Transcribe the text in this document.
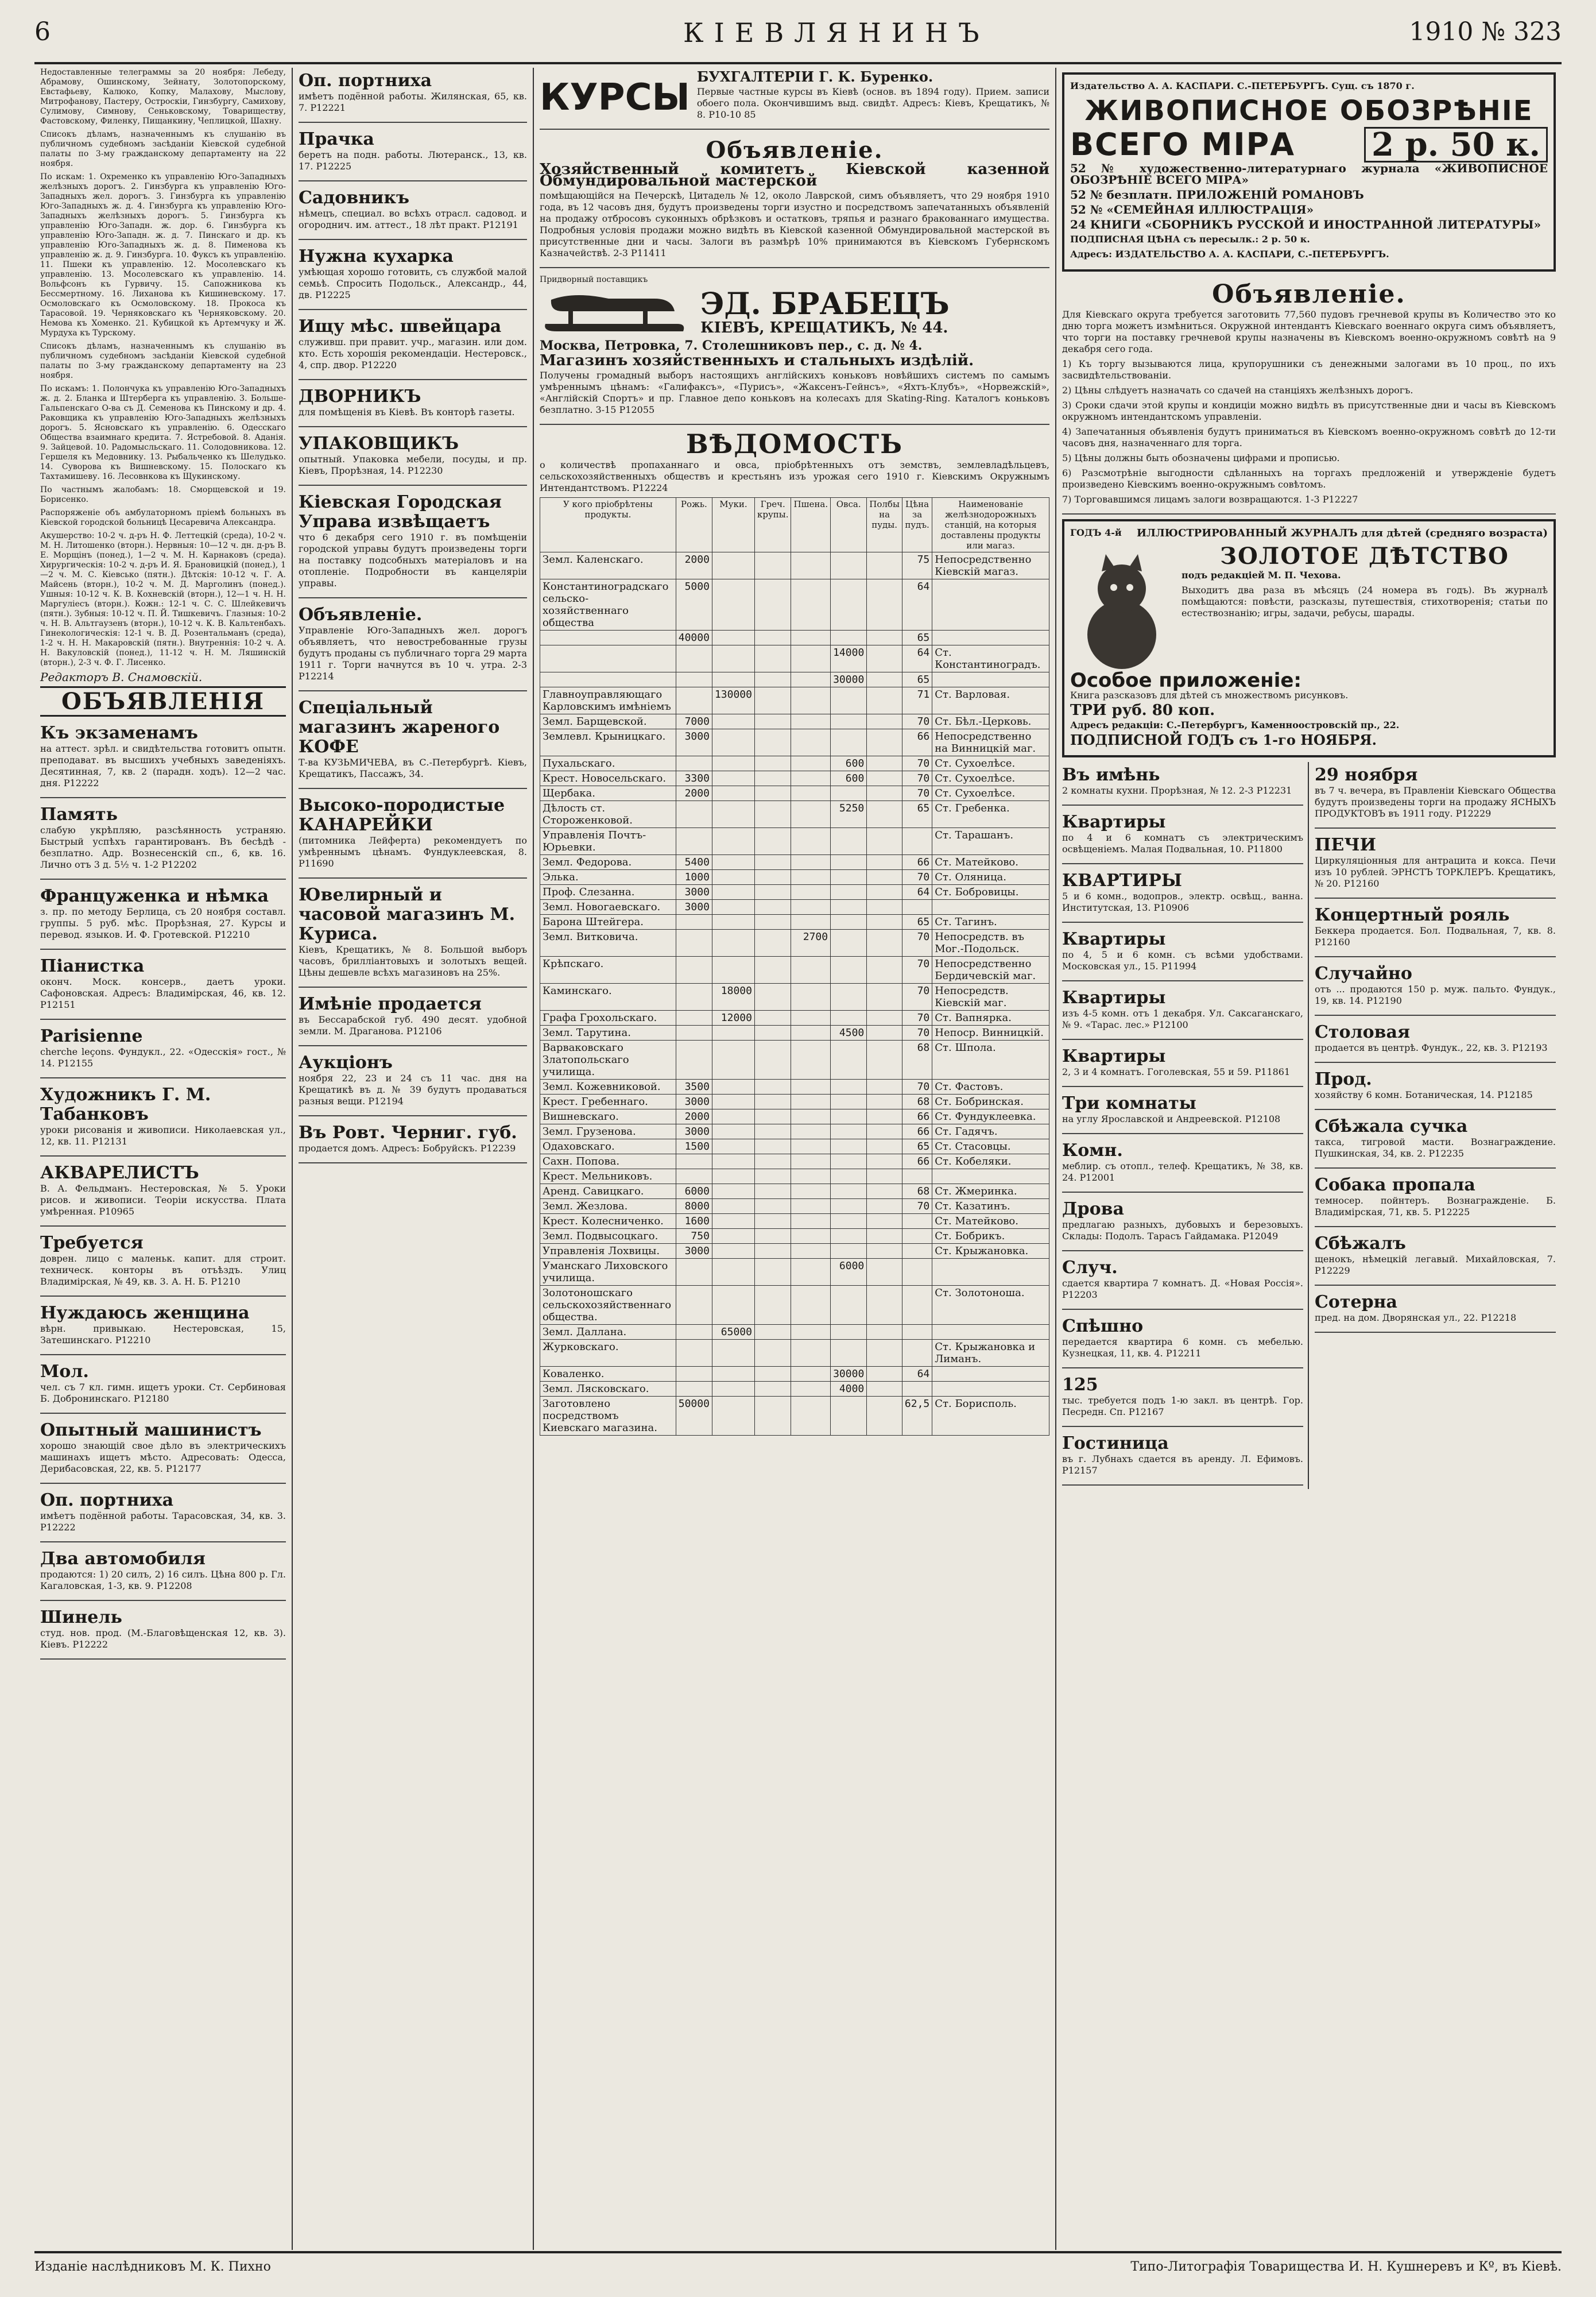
6	КІЕВЛЯНИНЪ	1910 № 323

Недоставленные телеграммы за 20 ноября: Лебеду, Абрамову, Ошинскому, Зейнату, Золотопорскому, Евстафьеву, Калюко, Копку, Малахову, Мыслову, Митрофанову, Пастеру, Остроскіи, Гинзбургу, Самихову, Сулимову, Симнову, Сеньковскому, Товариществу, Фастовскому, Филенку, Пищанкину, Чеплицкой, Шахну.

Списокъ дѣламъ, назначеннымъ къ слушанію въ публичномъ судебномъ засѣданіи Кіевской судебной палаты по 3-му гражданскому департаменту на 22 ноября.

По искам: 1. Охременко къ управленію Юго-Западныхъ желѣзныхъ дорогъ. 2. Гинзбурга къ управленію Юго-Западныхъ жел. дорогъ. 3. Гинзбурга къ управленію Юго-Западныхъ ж. д. 4. Гинзбурга къ управленію Юго-Западныхъ желѣзныхъ дорогъ. 5. Гинзбурга къ управленію Юго-Западн. ж. дор. 6. Гинзбурга къ управленію Юго-Западн. ж. д. 7. Пинскаго и др. къ управленію Юго-Западныхъ ж. д. 8. Пименова къ управленію ж. д. 9. Гинзбурга. 10. Фуксъ къ управленію. 11. Пшеки къ управленію. 12. Мосолевскаго къ управленію. 13. Мосолевскаго къ управленію. 14. Вольфсонъ къ Гурвичу. 15. Сапожникова къ Бессмертному. 16. Лиханова къ Кишиневскому. 17. Осмоловскаго къ Осмоловскому. 18. Прокоса къ Тарасовой. 19. Черняковскаго къ Черняковскому. 20. Немова къ Хоменко. 21. Кубицкой къ Артемчуку и Ж. Мурдуха къ Турскому.

Списокъ дѣламъ, назначеннымъ къ слушанію въ публичномъ судебномъ засѣданіи Кіевской судебной палаты по 3-му гражданскому департаменту на 23 ноября.

По искамъ: 1. Полончука къ управленію Юго-Западныхъ ж. д. 2. Бланка и Штерберга къ управленію. 3. Больше-Гальпенскаго О-ва съ Д. Семенова къ Пинскому и др. 4. Раковщика къ управленію Юго-Западныхъ желѣзныхъ дорогъ. 5. Ясновскаго къ управленію. 6. Одесскаго Общества взаимнаго кредита. 7. Ястребовой. 8. Аданія. 9. Зайцевой. 10. Радомысльскаго. 11. Солодовникова. 12. Гершеля къ Медовнику. 13. Рыбальченко къ Шелудько. 14. Суворова къ Вишневскому. 15. Полоскаго къ Тахтамишеву. 16. Лесовнкова къ Щукинскому.

По частнымъ жалобамъ: 18. Сморщевской и 19. Борисенко.

Распоряженіе объ амбулаторномъ пріемѣ больныхъ въ Кіевской городской больницѣ Цесаревича Александра.

Акушерство: 10-2 ч. д-ръ Н. Ф. Леттецкій (среда), 10-2 ч. М. Н. Литошенко (вторн.). Нервныя: 10—12 ч. дн. д-ръ В. Е. Морщінъ (понед.), 1—2 ч. М. Н. Карнаковъ (среда). Хирургическія: 10-2 ч. д-ръ И. Я. Брановицкій (понед.), 1—2 ч. М. С. Кіевсько (пятн.). Дѣтскія: 10-12 ч. Г. А. Майсень (вторн.), 10-2 ч. М. Д. Марголинъ (понед.). Ушныя: 10-12 ч. К. В. Кохневскій (вторн.), 12—1 ч. Н. Н. Маргуліесъ (вторн.). Кожн.: 12-1 ч. С. С. Шлейкевичъ (пятн.). Зубныя: 10-12 ч. П. Й. Тишкевичъ. Глазныя: 10-2 ч. Н. В. Альтгаузенъ (вторн.), 10-12 ч. К. В. Кальтенбахъ. Гинекологическія: 12-1 ч. В. Д. Розентальманъ (среда), 1-2 ч. Н. Н. Макаровскій (пятн.). Внутреннія: 10-2 ч. А. Н. Вакуловскій (понед.), 11-12 ч. Н. М. Ляшинскій (вторн.), 2-3 ч. Ф. Г. Лисенко.

Редакторъ В. Снамовскій.

ОБЪЯВЛЕНІЯ
Къ экзаменамъ

на аттест. зрѣл. и свидѣтельства готовитъ опытн. преподават. въ высшихъ учебныхъ заведеніяхъ. Десятинная, 7, кв. 2 (парадн. ходъ). 12—2 час. дня. P12222

Память

слабую укрѣпляю, разсѣянность устраняю. Быстрый успѣхъ гарантированъ. Въ бесѣдѣ - безплатно. Адр. Вознесенскій сп., 6, кв. 16. Лично отъ 3 д. 5½ ч. 1-2 P12202

Француженка и нѣмка

з. пр. по методу Берлица, съ 20 ноября составл. группы. 5 руб. мѣс. Прорѣзная, 27. Курсы и перевод. языков. И. Ф. Гротевской. P12210

Піанистка

оконч. Моск. консерв., даетъ уроки. Сафоновская. Адресъ: Владимірская, 46, кв. 12. P12151

Parisienne

cherche leçons. Фундукл., 22. «Одесскія» гост., № 14. P12155

Художникъ Г. М. Табанковъ

уроки рисованія и живописи. Николаевская ул., 12, кв. 11. P12131

АКВАРЕЛИСТЪ

В. А. Фельдманъ. Нестеровская, № 5. Уроки рисов. и живописи. Теоріи искусства. Плата умѣренная. P10965

Требуется

доврен. лицо с маленьк. капит. для строит. техническ. конторы въ отъѣздъ. Улиц Владимірская, № 49, кв. 3. А. Н. Б. P1210

Нуждаюсь женщина

вѣрн. привыкаю. Нестеровская, 15, Затешинскаго. P12210

Мол.

чел. съ 7 кл. гимн. ищетъ уроки. Ст. Сербиновая Б. Добронинскаго. P12180

Опытный машинистъ

хорошо знающій свое дѣло въ электрическихъ машинахъ ищетъ мѣсто. Адресовать: Одесса, Дерибасовская, 22, кв. 5. P12177

Оп. портниха

имѣетъ подённой работы. Тарасовская, 34, кв. 3. P12222

Два автомобиля

продаются: 1) 20 силъ, 2) 16 силъ. Цѣна 800 р. Гл. Кагаловская, 1-3, кв. 9. P12208

Шинель

студ. нов. прод. (М.-Благовѣщенская 12, кв. 3). Кіевъ. P12222

Оп. портниха

имѣетъ подённой работы. Жилянская, 65, кв. 7. P12221

Прачка

беретъ на подн. работы. Лютеранск., 13, кв. 17. P12225

Садовникъ

нѣмецъ, специал. во всѣхъ отрасл. садовод. и огороднич. им. аттест., 18 лѣт практ. P12191

Нужна кухарка

умѣющая хорошо готовить, съ службой малой семьѣ. Спросить Подольск., Александр., 44, дв. P12225

Ищу мѣс. швейцара

служивш. при правит. учр., магазин. или дом. кто. Есть хорошія рекомендаціи. Нестеровск., 4, спр. двор. P12220

ДВОРНИКЪ

для помѣщенія въ Кіевѣ. Въ конторѣ газеты.

УПАКОВЩИКЪ

опытный. Упаковка мебели, посуды, и пр. Кіевъ, Прорѣзная, 14. P12230

Кіевская Городская Управа извѣщаетъ

что 6 декабря сего 1910 г. въ помѣщеніи городской управы будутъ произведены торги на поставку подсобныхъ матеріаловъ и на отопленіе. Подробности въ канцеляріи управы.

Объявленіе.

Управленіе Юго-Западныхъ жел. дорогъ объявляетъ, что невостребованные грузы будутъ проданы съ публичнаго торга 29 марта 1911 г. Торги начнутся въ 10 ч. утра. 2-3 P12214

Спеціальный магазинъ жареного КОФЕ

Т-ва КУЗЬМИЧЕВА, въ С.-Петербургѣ. Кіевъ, Крещатикъ, Пассажъ, 34.

Высоко-породистые КАНАРЕЙКИ

(питомника Лейферта) рекомендуетъ по умѣреннымъ цѣнамъ. Фундуклеевская, 8. P11690

Ювелирный и часовой магазинъ М. Куриса.

Кіевъ, Крещатикъ, № 8. Большой выборъ часовъ, брилліантовыхъ и золотыхъ вещей. Цѣны дешевле всѣхъ магазиновъ на 25%.

Имѣніе продается

въ Бессарабской губ. 490 десят. удобной земли. М. Драганова. P12106

Аукціонъ

ноября 22, 23 и 24 съ 11 час. дня на Крещатикѣ въ д. № 39 будутъ продаваться разныя вещи. P12194

Въ Ровт. Черниг. губ.

продается домъ. Адресъ: Бобруйскъ. P12239

КУРСЫ БУХГАЛТЕРІИ Г. К. Буренко.

Первые частные курсы въ Кіевѣ (основ. въ 1894 году). Прием. записи обоего пола. Окончившимъ выд. свидѣт. Адресъ: Кіевъ, Крещатикъ, № 8. P10-10 85

Объявленіе.

Хозяйственный комитетъ Кіевской казенной Обмундировальной мастерской

помѣщающійся на Печерскѣ, Цитадель № 12, около Лаврской, симъ объявляетъ, что 29 ноября 1910 года, въ 12 часовъ дня, будутъ произведены торги изустно и посредствомъ запечатанныхъ объявленій на продажу отбросовъ суконныхъ обрѣзковъ и остатковъ, тряпья и разнаго бракованнаго имущества. Подробныя условія продажи можно видѣть въ Кіевской казенной Обмундировальной мастерской въ присутственные дни и часы. Залоги въ размѣрѣ 10% принимаются въ Кіевскомъ Губернскомъ Казначействѣ. 2-3 P11411

Придворный поставщикъ

ЭД. БРАБЕЦЪ
КІЕВЪ, КРЕЩАТИКЪ, № 44.

Москва, Петровка, 7. Столешниковъ пер., с. д. № 4.

Магазинъ хозяйственныхъ и стальныхъ издѣлій.

Получены громадный выборъ настоящихъ англійскихъ коньковъ новѣйшихъ системъ по самымъ умѣреннымъ цѣнамъ: «Галифаксъ», «Пурисъ», «Жаксенъ-Гейнсъ», «Яхтъ-Клубъ», «Норвежскій», «Англійскій Спортъ» и пр. Главное депо коньковъ на колесахъ для Skating-Ring. Каталогъ коньковъ безплатно. 3-15 P12055

ВѢДОМОСТЬ

о количествѣ пропаханнаго и овса, пріобрѣтенныхъ отъ земствъ, землевладѣльцевъ, сельскохозяйственныхъ обществъ и крестьянъ изъ урожая сего 1910 г. Кіевскимъ Окружнымъ Интендантствомъ. P12224

У кого пріобрѣтены продукты.	Рожь.	Муки.	Греч. крупы.	Пшена.	Овса.	Полбы на пуды.	Цѣна за пудъ.	Наименованіе желѣзнодорожныхъ станцій, на которыя доставлены продукты или магаз.
Земл. Каленскаго.	2000						75	Непосредственно Кіевскій магаз.
Константиноградскаго сельско-хозяйственнаго общества	5000						64	
	40000						65	
					14000		64	Ст. Константиноградъ.
					30000		65	
Главноуправляющаго Карловскимъ имѣніемъ		130000					71	Ст. Варловая.
Земл. Барщевской.	7000						70	Ст. Бѣл.-Церковь.
Землевл. Крыницкаго.	3000						66	Непосредственно на Винницкій маг.
Пухальскаго.					600		70	Ст. Сухоелѣсе.
Крест. Новосельскаго.	3300				600		70	Ст. Сухоелѣсе.
Щербака.	2000						70	Ст. Сухоелѣсе.
Дѣлость ст. Стороженковой.					5250		65	Ст. Гребенка.
Управленія Почтъ-Юрьевки.								Ст. Тарашанъ.
Земл. Федорова.	5400						66	Ст. Матейково.
Элька.	1000						70	Ст. Оляница.
Проф. Слезанна.	3000						64	Ст. Бобровицы.
Земл. Новогаевскаго.	3000							
Барона Штейгера.							65	Ст. Тагинъ.
Земл. Витковича.				2700			70	Непосредств. въ Мог.-Подольск.
Крѣпскаго.							70	Непосредственно Бердичевскій маг.
Каминскаго.		18000					70	Непосредств. Кіевскій маг.
Графа Грохольскаго.		12000					70	Ст. Вапнярка.
Земл. Тарутина.					4500		70	Непоср. Винницкій.
Варваковскаго Златопольскаго училища.							68	Ст. Шпола.
Земл. Кожевниковой.	3500						70	Ст. Фастовъ.
Крест. Гребеннаго.	3000						68	Ст. Бобринская.
Вишневскаго.	2000						66	Ст. Фундуклеевка.
Земл. Грузенова.	3000						66	Ст. Гадячъ.
Одаховскаго.	1500						65	Ст. Стасовцы.
Сахн. Попова.							66	Ст. Кобеляки.
Крест. Мельниковъ.								
Аренд. Савицкаго.	6000						68	Ст. Жмеринка.
Земл. Жезлова.	8000						70	Ст. Казатинъ.
Крест. Колесниченко.	1600							Ст. Матейково.
Земл. Подвысоцкаго.	750							Ст. Бобрикъ.
Управленія Лохвицы.	3000							Ст. Крыжановка.
Уманскаго Лиховского училища.					6000			
Золотоношскаго сельскохозяйственнаго общества.								Ст. Золотоноша.
Земл. Даллана.		65000						
Журковскаго.								Ст. Крыжановка и Лиманъ.
Коваленко.					30000		64	
Земл. Лясковскаго.					4000			
Заготовлено посредствомъ Киевскаго магазина.	50000						62,5	Ст. Борисполь.

Издательство А. А. КАСПАРИ. С.-ПЕТЕРБУРГЪ. Сущ. съ 1870 г.

ЖИВОПИСНОЕ ОБОЗРѢНІЕ
ВСЕГО МІРА 2 р. 50 к.

52 № художественно-литературнаго журнала «ЖИВОПИСНОЕ ОБОЗРѢНІЕ ВСЕГО МІРА»

52 № безплатн. ПРИЛОЖЕНІЙ РОМАНОВЪ

52 № «СЕМЕЙНАЯ ИЛЛЮСТРАЦІЯ»

24 КНИГИ «СБОРНИКЪ РУССКОЙ И ИНОСТРАННОЙ ЛИТЕРАТУРЫ»

ПОДПИСНАЯ ЦѢНА съ пересылк.: 2 р. 50 к.

Адресъ: ИЗДАТЕЛЬСТВО А. А. КАСПАРИ, С.-ПЕТЕРБУРГЪ.

Объявленіе.

Для Кіевскаго округа требуется заготовить 77,560 пудовъ гречневой крупы въ Количество это ко дню торга можетъ измѣниться. Окружной интендантъ Кіевскаго военнаго округа симъ объявляетъ, что торги на поставку гречневой крупы назначены въ Кіевскомъ военно-окружномъ совѣтѣ на 9 декабря сего года.

1) Къ торгу вызываются лица, крупорушники съ денежными залогами въ 10 проц., пo ихъ засвидѣтельствованіи.

2) Цѣны слѣдуетъ назначать со сдачей на станціяхъ желѣзныхъ дорогъ.

3) Сроки сдачи этой крупы и кондиціи можно видѣть въ присутственные дни и часы въ Кіевскомъ окружномъ интендантскомъ управленіи.

4) Запечатанныя объявленія будутъ приниматься въ Кіевскомъ военно-окружномъ совѣтѣ до 12-ти часовъ дня, назначеннаго для торга.

5) Цѣны должны быть обозначены цифрами и прописью.

6) Разсмотрѣніе выгодности сдѣланныхъ на торгахъ предложеній и утвержденіе будетъ произведено Кіевскимъ военно-окружнымъ совѣтомъ.

7) Торговавшимся лицамъ залоги возвращаются. 1-3 P12227

ГОДЪ 4-й ИЛЛЮСТРИРОВАННЫЙ ЖУРНАЛЪ для дѣтей (средняго возраста)
ЗОЛОТОЕ ДѢТСТВО

подъ редакціей М. П. Чехова.

Выходитъ два раза въ мѣсяцъ (24 номера въ годъ). Въ журналѣ помѣщаются: повѣсти, разсказы, путешествія, стихотворенія; статьи по естествознанію; игры, задачи, ребусы, шарады.

Особое приложеніе:

Книга разсказовъ для дѣтей съ множествомъ рисунковъ.

ТРИ руб. 80 коп.

Адресъ редакціи: С.-Петербургъ, Каменноостровскій пр., 22.

ПОДПИСНОЙ ГОДЪ съ 1-го НОЯБРЯ.

Въ имѣнь

2 комнаты кухни. Прорѣзная, № 12. 2-3 P12231

Квартиры

по 4 и 6 комнатъ съ электрическимъ освѣщеніемъ. Малая Подвальная, 10. P11800

КВАРТИРЫ

5 и 6 комн., водопров., электр. освѣщ., ванна. Институтская, 13. P10906

Квартиры

по 4, 5 и 6 комн. съ всѣми удобствами. Московская ул., 15. P11994

Квартиры

изъ 4-5 комн. отъ 1 декабря. Ул. Саксаганскаго, № 9. «Тарас. лес.» P12100

Квартиры

2, 3 и 4 комнатъ. Гоголевская, 55 и 59. P11861

Три комнаты

на углу Ярославской и Андреевской. P12108

Комн.

меблир. съ отопл., телеф. Крещатикъ, № 38, кв. 24. P12001

Дрова

предлагаю разныхъ, дубовыхъ и березовыхъ. Склады: Подолъ. Тарасъ Гайдамака. P12049

Случ.

сдается квартира 7 комнатъ. Д. «Новая Россія». P12203

Спѣшно

передается квартира 6 комн. съ мебелью. Кузнецкая, 11, кв. 4. P12211

125

тыс. требуется подъ 1-ю закл. въ центрѣ. Гор. Песредн. Сп. P12167

Гостиница

въ г. Лубнахъ сдается въ аренду. Л. Ефимовъ. P12157

29 ноября

въ 7 ч. вечера, въ Правленіи Кіевскаго Общества будутъ произведены торги на продажу ЯСНЫХЪ ПРОДУКТОВЪ въ 1911 году. P12229

ПЕЧИ

Циркуляціонныя для антрацита и кокса. Печи изъ 10 рублей. ЭРНСТЪ ТОРКЛЕРЪ. Крещатикъ, № 20. P12160

Концертный рояль

Беккера продается. Бол. Подвальная, 7, кв. 8. P12160

Случайно

отъ ... продаются 150 р. муж. пальто. Фундук., 19, кв. 14. P12190

Столовая

продается въ центрѣ. Фундук., 22, кв. 3. P12193

Прод.

хозяйству 6 комн. Ботаническая, 14. P12185

Сбѣжала сучка

такса, тигровой масти. Вознаграждение. Пушкинская, 34, кв. 2. P12235

Собака пропала

темносер. пойнтеръ. Вознагражденіе. Б. Владимірская, 71, кв. 5. P12225

Сбѣжалъ

щенокъ, нѣмецкій легавый. Михайловская, 7. P12229

Сотерна

пред. на дом. Дворянская ул., 22. P12218

Изданіе наслѣдниковъ М. К. Пихно	Типо-Литографія Товарищества И. Н. Кушнеревъ и Кº, въ Кіевѣ.
